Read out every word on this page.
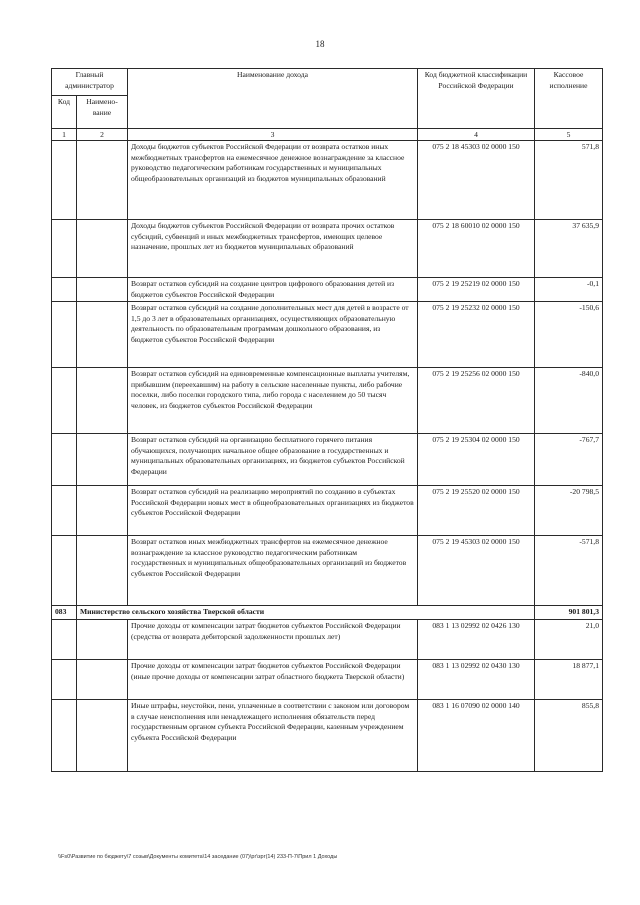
18
Главный администратор		Наименование дохода	Код бюджетной классификации Российской Федерации	Кассовое исполнение
Код	Наимено-вание			
1	2	3	4	5
		Доходы бюджетов субъектов Российской Федерации от возврата остатков иных межбюджетных трансфертов на ежемесячное денежное вознаграждение за классное руководство педагогическим работникам государственных и муниципальных общеобразовательных организаций из бюджетов муниципальных образований	075 2 18 45303 02 0000 150	571,8
		Доходы бюджетов субъектов Российской Федерации от возврата прочих остатков субсидий, субвенций и иных межбюджетных трансфертов, имеющих целевое назначение, прошлых лет из бюджетов муниципальных образований	075 2 18 60010 02 0000 150	37 635,9
		Возврат остатков субсидий на создание центров цифрового образования детей из бюджетов субъектов Российской Федерации	075 2 19 25219 02 0000 150	-0,1
		Возврат остатков субсидий на создание дополнительных мест для детей в возрасте от 1,5 до 3 лет в образовательных организациях, осуществляющих образовательную деятельность по образовательным программам дошкольного образования, из бюджетов субъектов Российской Федерации	075 2 19 25232 02 0000 150	-150,6
		Возврат остатков субсидий на единовременные компенсационные выплаты учителям, прибывшим (переехавшим) на работу в сельские населенные пункты, либо рабочие поселки, либо поселки городского типа, либо города с населением до 50 тысяч человек, из бюджетов субъектов Российской Федерации	075 2 19 25256 02 0000 150	-840,0
		Возврат остатков субсидий на организацию бесплатного горячего питания обучающихся, получающих начальное общее образование в государственных и муниципальных образовательных организациях, из бюджетов субъектов Российской Федерации	075 2 19 25304 02 0000 150	-767,7
		Возврат остатков субсидий на реализацию мероприятий по созданию в субъектах Российской Федерации новых мест в общеобразовательных организациях из бюджетов субъектов Российской Федерации	075 2 19 25520 02 0000 150	-20 798,5
		Возврат остатков иных межбюджетных трансфертов на ежемесячное денежное вознаграждение за классное руководство педагогическим работникам государственных и муниципальных общеобразовательных организаций из бюджетов субъектов Российской Федерации	075 2 19 45303 02 0000 150	-571,8
083	Министерство сельского хозяйства Тверской области			901 801,3
		Прочие доходы от компенсации затрат бюджетов субъектов Российской Федерации (средства от возврата дебиторской задолженности прошлых лет)	083 1 13 02992 02 0426 130	21,0
		Прочие доходы от компенсации затрат бюджетов субъектов Российской Федерации (иные прочие доходы от компенсации затрат областного бюджета Тверской области)	083 1 13 02992 02 0430 130	18 877,1
		Иные штрафы, неустойки, пени, уплаченные в соответствии с законом или договором в случае неисполнения или ненадлежащего исполнения обязательств перед государственным органом субъекта Российской Федерации, казенным учреждением субъекта Российской Федерации	083 1 16 07090 02 0000 140	855,8
\\Fs0\Развитие по бюджету\7 созыв\Документы комитета\14 заседание (07)\рг\зрг(14) 233-П-7\Прил 1 Доходы
